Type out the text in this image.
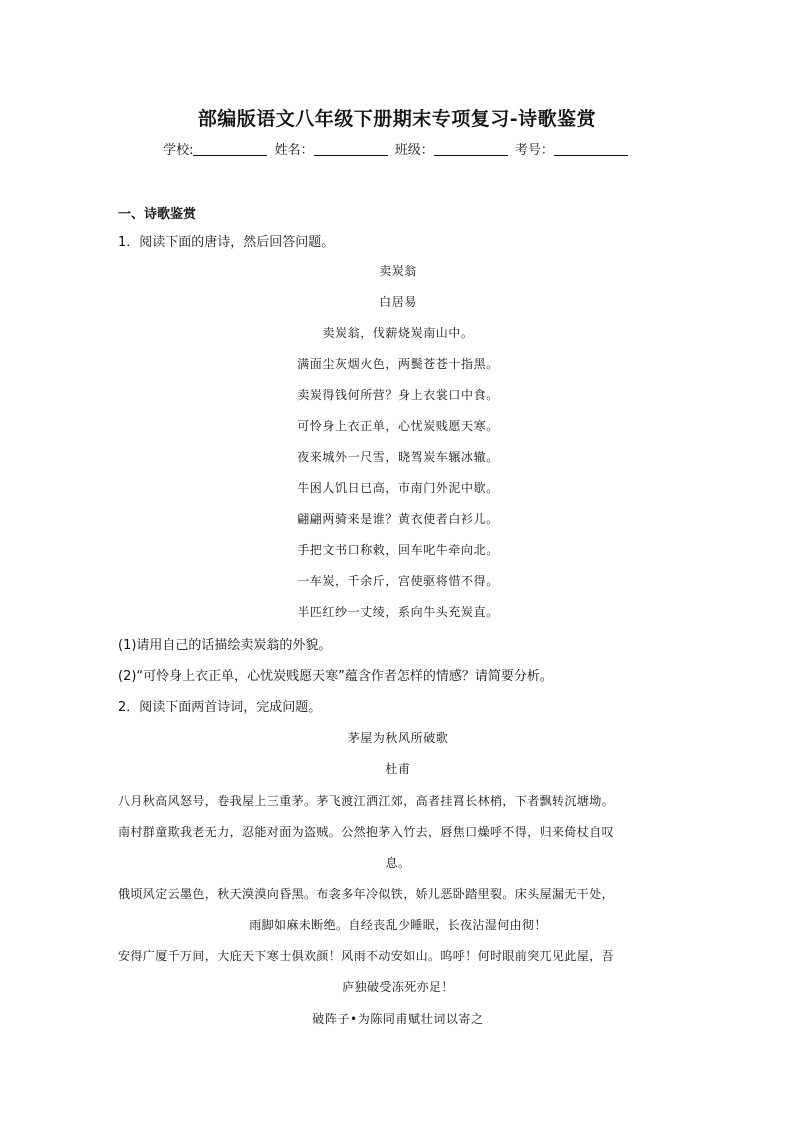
部编版语文八年级下册期末专项复习-诗歌鉴赏
学校:	姓名：	班级：	考号：
一、诗歌鉴赏
1．阅读下面的唐诗，然后回答问题。
卖炭翁
白居易
卖炭翁，伐薪烧炭南山中。
满面尘灰烟火色，两鬓苍苍十指黑。
卖炭得钱何所营？身上衣裳口中食。
可怜身上衣正单，心忧炭贱愿天寒。
夜来城外一尺雪，晓驾炭车辗冰辙。
牛困人饥日已高，市南门外泥中歇。
翩翩两骑来是谁？黄衣使者白衫儿。
手把文书口称敕，回车叱牛牵向北。
一车炭，千余斤，宫使驱将惜不得。
半匹红纱一丈绫，系向牛头充炭直。
(1)请用自己的话描绘卖炭翁的外貌。
(2)“可怜身上衣正单，心忧炭贱愿天寒”蕴含作者怎样的情感？请简要分析。
2．阅读下面两首诗词，完成问题。
茅屋为秋风所破歌
杜甫
八月秋高风怒号，卷我屋上三重茅。茅飞渡江洒江郊，高者挂罥长林梢，下者飘转沉塘坳。
南村群童欺我老无力，忍能对面为盗贼。公然抱茅入竹去，唇焦口燥呼不得，归来倚杖自叹
息。
俄顷风定云墨色，秋天漠漠向昏黑。布衾多年冷似铁，娇儿恶卧踏里裂。床头屋漏无干处，
雨脚如麻未断绝。自经丧乱少睡眠，长夜沾湿何由彻！
安得广厦千万间，大庇天下寒士俱欢颜！风雨不动安如山。呜呼！何时眼前突兀见此屋，吾
庐独破受冻死亦足！
破阵子•为陈同甫赋壮词以寄之
